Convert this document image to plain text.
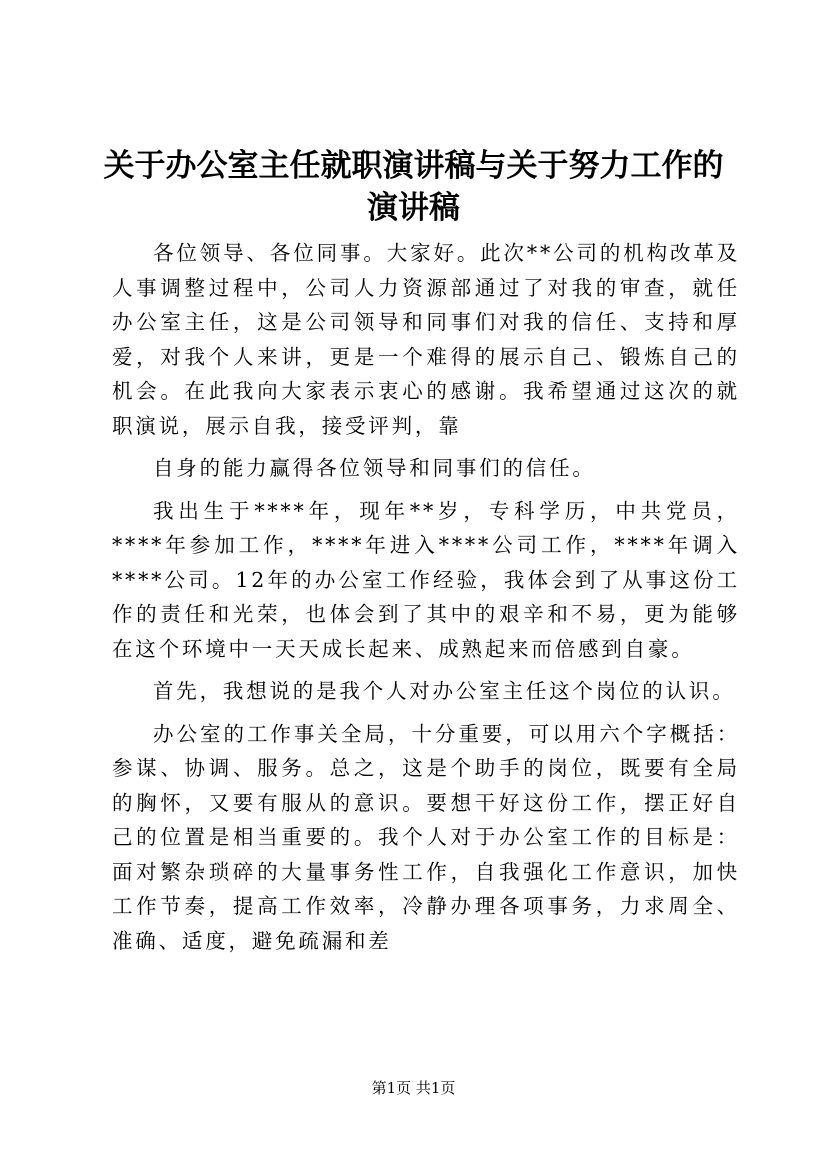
关于办公室主任就职演讲稿与关于努力工作的演讲稿

各位领导、各位同事。大家好。此次**公司的机构改革及人事调整过程中，公司人力资源部通过了对我的审查，就任办公室主任，这是公司领导和同事们对我的信任、支持和厚爱，对我个人来讲，更是一个难得的展示自己、锻炼自己的机会。在此我向大家表示衷心的感谢。我希望通过这次的就职演说，展示自我，接受评判，靠

自身的能力赢得各位领导和同事们的信任。

我出生于****年，现年**岁，专科学历，中共党员，****年参加工作，****年进入****公司工作，****年调入****公司。12年的办公室工作经验，我体会到了从事这份工作的责任和光荣，也体会到了其中的艰辛和不易，更为能够在这个环境中一天天成长起来、成熟起来而倍感到自豪。

首先，我想说的是我个人对办公室主任这个岗位的认识。

办公室的工作事关全局，十分重要，可以用六个字概括：参谋、协调、服务。总之，这是个助手的岗位，既要有全局的胸怀，又要有服从的意识。要想干好这份工作，摆正好自己的位置是相当重要的。我个人对于办公室工作的目标是：面对繁杂琐碎的大量事务性工作，自我强化工作意识，加快工作节奏，提高工作效率，冷静办理各项事务，力求周全、准确、适度，避免疏漏和差

第1页 共1页
